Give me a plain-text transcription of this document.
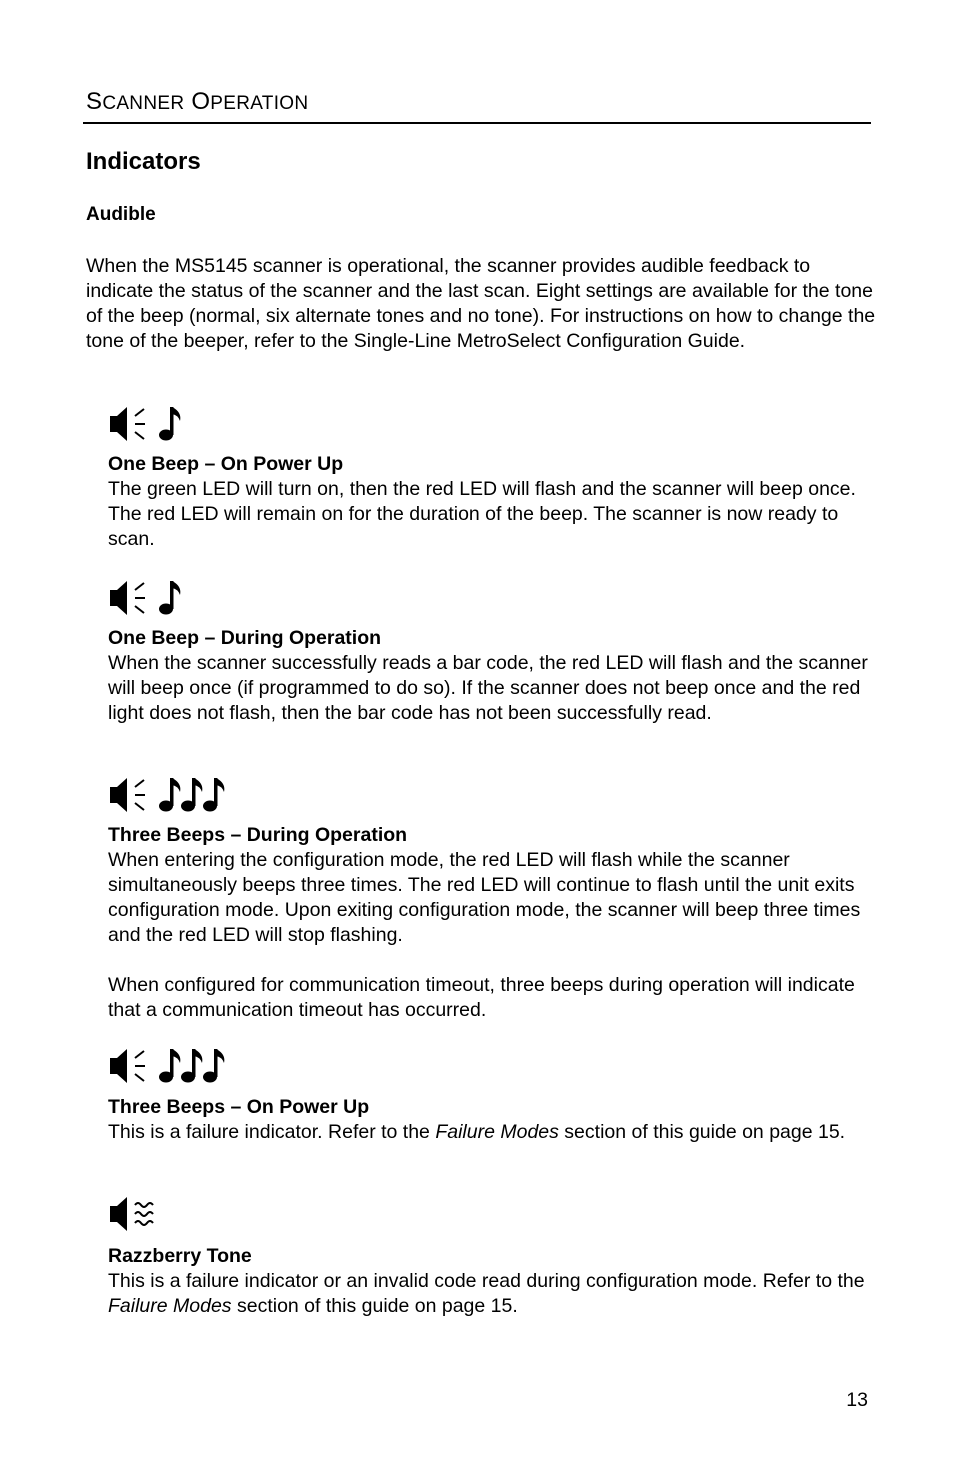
SCANNER OPERATION
Indicators
Audible
When the MS5145 scanner is operational, the scanner provides audible feedback to indicate the status of the scanner and the last scan. Eight settings are available for the tone of the beep (normal, six alternate tones and no tone). For instructions on how to change the tone of the beeper, refer to the Single-Line MetroSelect Configuration Guide.
One Beep – On Power Up
The green LED will turn on, then the red LED will flash and the scanner will beep once. The red LED will remain on for the duration of the beep. The scanner is now ready to scan.
One Beep – During Operation
When the scanner successfully reads a bar code, the red LED will flash and the scanner will beep once (if programmed to do so). If the scanner does not beep once and the red light does not flash, then the bar code has not been successfully read.
Three Beeps – During Operation
When entering the configuration mode, the red LED will flash while the scanner simultaneously beeps three times. The red LED will continue to flash until the unit exits configuration mode. Upon exiting configuration mode, the scanner will beep three times and the red LED will stop flashing.
When configured for communication timeout, three beeps during operation will indicate that a communication timeout has occurred.
Three Beeps – On Power Up
This is a failure indicator. Refer to the Failure Modes section of this guide on page 15.
Razzberry Tone
This is a failure indicator or an invalid code read during configuration mode. Refer to the Failure Modes section of this guide on page 15.
13
